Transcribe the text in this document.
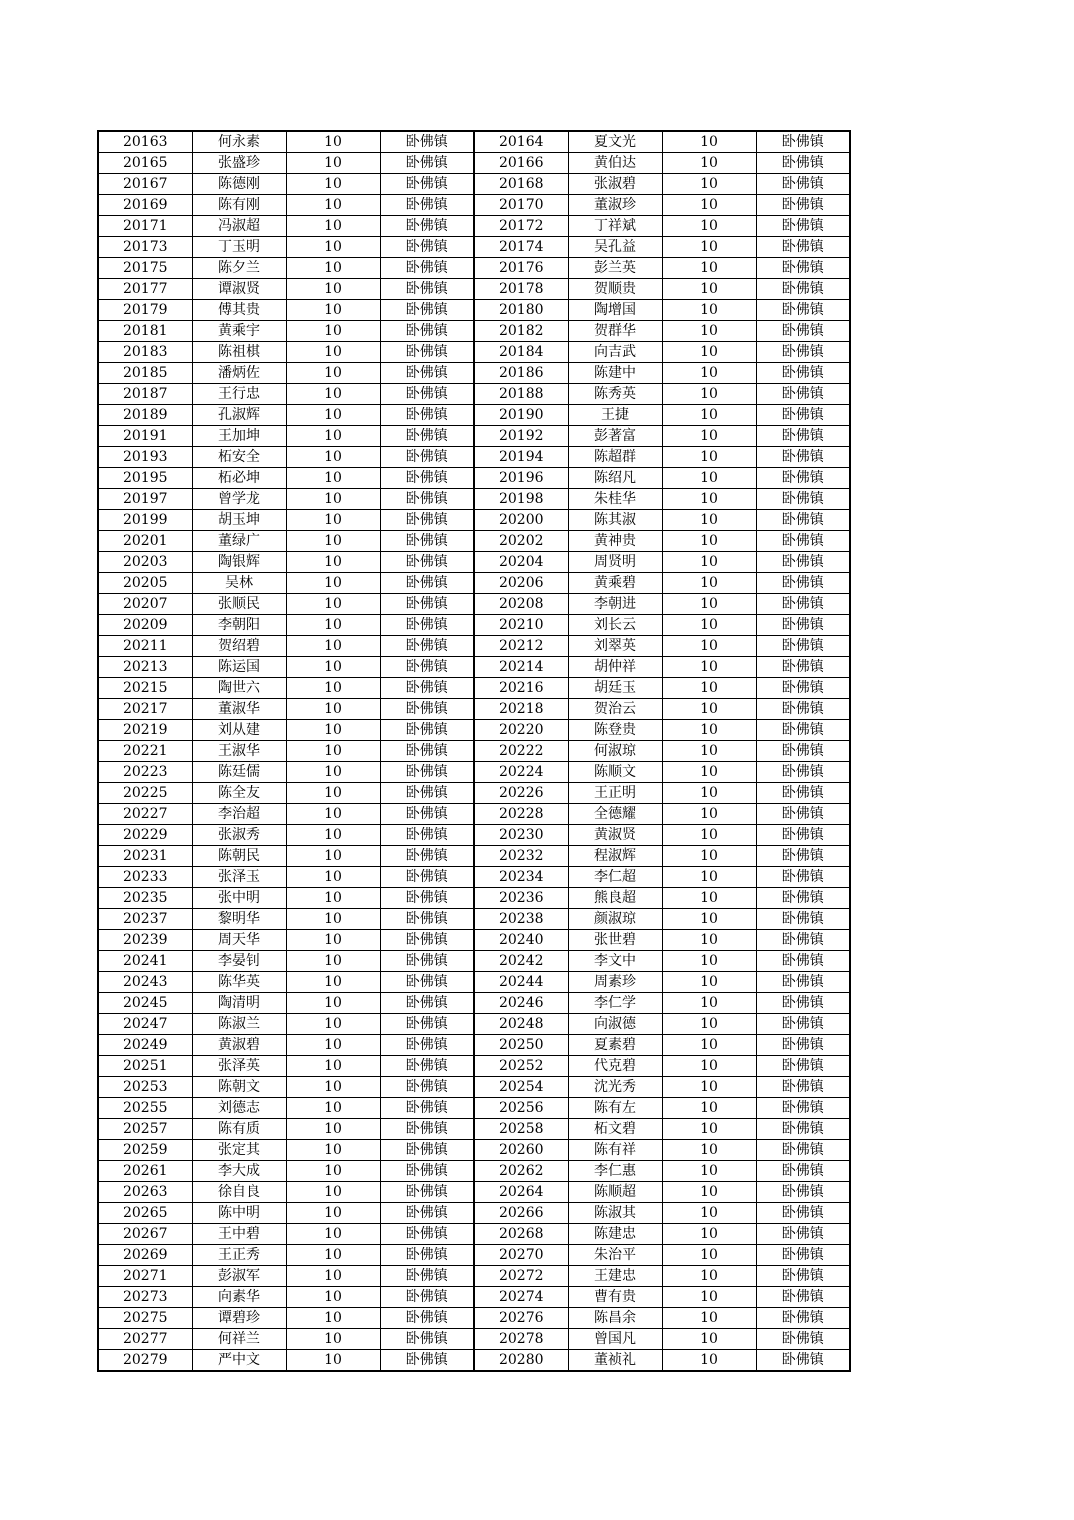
20163	何永素	10	卧佛镇	20164	夏文光	10	卧佛镇
20165	张盛珍	10	卧佛镇	20166	黄伯达	10	卧佛镇
20167	陈德刚	10	卧佛镇	20168	张淑碧	10	卧佛镇
20169	陈有刚	10	卧佛镇	20170	董淑珍	10	卧佛镇
20171	冯淑超	10	卧佛镇	20172	丁祥斌	10	卧佛镇
20173	丁玉明	10	卧佛镇	20174	吴孔益	10	卧佛镇
20175	陈夕兰	10	卧佛镇	20176	彭兰英	10	卧佛镇
20177	谭淑贤	10	卧佛镇	20178	贺顺贵	10	卧佛镇
20179	傅其贵	10	卧佛镇	20180	陶增国	10	卧佛镇
20181	黄乘宇	10	卧佛镇	20182	贺群华	10	卧佛镇
20183	陈祖棋	10	卧佛镇	20184	向吉武	10	卧佛镇
20185	潘炳佐	10	卧佛镇	20186	陈建中	10	卧佛镇
20187	王行忠	10	卧佛镇	20188	陈秀英	10	卧佛镇
20189	孔淑辉	10	卧佛镇	20190	王捷	10	卧佛镇
20191	王加坤	10	卧佛镇	20192	彭著富	10	卧佛镇
20193	柘安全	10	卧佛镇	20194	陈超群	10	卧佛镇
20195	柘必坤	10	卧佛镇	20196	陈绍凡	10	卧佛镇
20197	曾学龙	10	卧佛镇	20198	朱桂华	10	卧佛镇
20199	胡玉坤	10	卧佛镇	20200	陈其淑	10	卧佛镇
20201	董绿广	10	卧佛镇	20202	黄神贵	10	卧佛镇
20203	陶银辉	10	卧佛镇	20204	周贤明	10	卧佛镇
20205	吴林	10	卧佛镇	20206	黄乘碧	10	卧佛镇
20207	张顺民	10	卧佛镇	20208	李朝进	10	卧佛镇
20209	李朝阳	10	卧佛镇	20210	刘长云	10	卧佛镇
20211	贺绍碧	10	卧佛镇	20212	刘翠英	10	卧佛镇
20213	陈运国	10	卧佛镇	20214	胡仲祥	10	卧佛镇
20215	陶世六	10	卧佛镇	20216	胡廷玉	10	卧佛镇
20217	董淑华	10	卧佛镇	20218	贺治云	10	卧佛镇
20219	刘从建	10	卧佛镇	20220	陈登贵	10	卧佛镇
20221	王淑华	10	卧佛镇	20222	何淑琼	10	卧佛镇
20223	陈廷儒	10	卧佛镇	20224	陈顺文	10	卧佛镇
20225	陈全友	10	卧佛镇	20226	王正明	10	卧佛镇
20227	李治超	10	卧佛镇	20228	全德耀	10	卧佛镇
20229	张淑秀	10	卧佛镇	20230	黄淑贤	10	卧佛镇
20231	陈朝民	10	卧佛镇	20232	程淑辉	10	卧佛镇
20233	张泽玉	10	卧佛镇	20234	李仁超	10	卧佛镇
20235	张中明	10	卧佛镇	20236	熊良超	10	卧佛镇
20237	黎明华	10	卧佛镇	20238	颜淑琼	10	卧佛镇
20239	周天华	10	卧佛镇	20240	张世碧	10	卧佛镇
20241	李晏钊	10	卧佛镇	20242	李文中	10	卧佛镇
20243	陈华英	10	卧佛镇	20244	周素珍	10	卧佛镇
20245	陶清明	10	卧佛镇	20246	李仁学	10	卧佛镇
20247	陈淑兰	10	卧佛镇	20248	向淑德	10	卧佛镇
20249	黄淑碧	10	卧佛镇	20250	夏素碧	10	卧佛镇
20251	张泽英	10	卧佛镇	20252	代克碧	10	卧佛镇
20253	陈朝文	10	卧佛镇	20254	沈光秀	10	卧佛镇
20255	刘德志	10	卧佛镇	20256	陈有左	10	卧佛镇
20257	陈有质	10	卧佛镇	20258	柘文碧	10	卧佛镇
20259	张定其	10	卧佛镇	20260	陈有祥	10	卧佛镇
20261	李大成	10	卧佛镇	20262	李仁惠	10	卧佛镇
20263	徐自良	10	卧佛镇	20264	陈顺超	10	卧佛镇
20265	陈中明	10	卧佛镇	20266	陈淑其	10	卧佛镇
20267	王中碧	10	卧佛镇	20268	陈建忠	10	卧佛镇
20269	王正秀	10	卧佛镇	20270	朱治平	10	卧佛镇
20271	彭淑军	10	卧佛镇	20272	王建忠	10	卧佛镇
20273	向素华	10	卧佛镇	20274	曹有贵	10	卧佛镇
20275	谭碧珍	10	卧佛镇	20276	陈昌余	10	卧佛镇
20277	何祥兰	10	卧佛镇	20278	曾国凡	10	卧佛镇
20279	严中文	10	卧佛镇	20280	董祯礼	10	卧佛镇
